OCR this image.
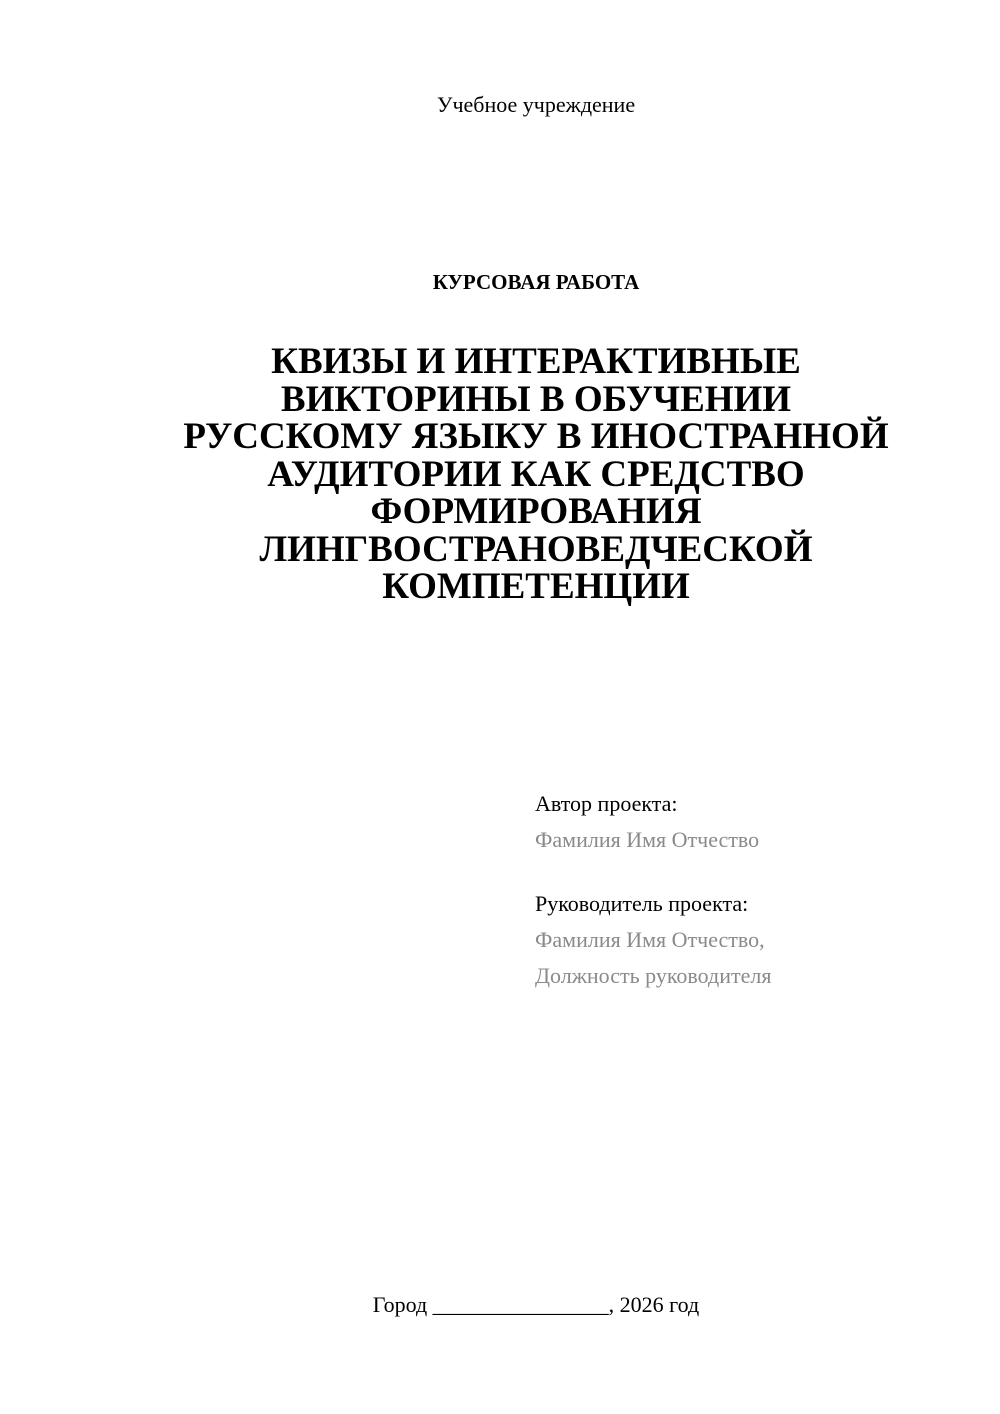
Учебное учреждение
КУРСОВАЯ РАБОТА
КВИЗЫ И ИНТЕРАКТИВНЫЕ
ВИКТОРИНЫ В ОБУЧЕНИИ
РУССКОМУ ЯЗЫКУ В ИНОСТРАННОЙ
АУДИТОРИИ КАК СРЕДСТВО
ФОРМИРОВАНИЯ
ЛИНГВОСТРАНОВЕДЧЕСКОЙ
КОМПЕТЕНЦИИ
Автор проекта:
Фамилия Имя Отчество
Руководитель проекта:
Фамилия Имя Отчество,
Должность руководителя
Город ________________, 2026 год
